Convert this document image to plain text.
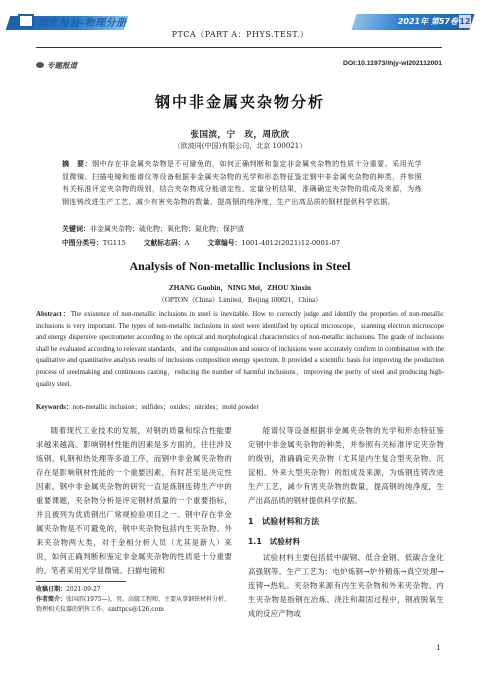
理化检验-物理分册
PTCA（PART A：PHYS.TEST.）
2021年 第57卷 12
专题报道	DOI:10.11973/lhjy-wl202112001
钢中非金属夹杂物分析
张国滨，宁　玫，周欣欣
（欧波同(中国)有限公司，北京 100021）
摘　要：钢中存在非金属夹杂物是不可避免的，如何正确判断和鉴定非金属夹杂物的性质十分重要。采用光学显微镜、扫描电镜和能谱仪等设备根据非金属夹杂物的光学和形态特征鉴定钢中非金属夹杂物的种类，并参照有关标准评定夹杂物的级别，结合夹杂物成分能谱定性、定量分析结果，准确确定夹杂物的组成及来源，为炼钢连铸改进生产工艺，减少有害夹杂物的数量，提高钢的纯净度，生产出高品质的钢材提供科学依据。
关键词：非金属夹杂物；硫化物；氧化物；氮化物；保护渣
中图分类号：TG115	文献标志码：A	文章编号：1001-4012(2021)12-0001-07
Analysis of Non-metallic Inclusions in Steel
ZHANG Guobin，NING Mei，ZHOU Xinxin
（OPTON（China）Limited，Beijing 100021，China）
Abstract：The existence of non-metallic inclusions in steel is inevitable. How to correctly judge and identify the properties of non-metallic inclusions is very important. The types of non-metallic inclusions in steel were identified by optical microscope，scanning electron microscope and energy dispersive spectrometer according to the optical and morphological characteristics of non-metallic inclusions. The grade of inclusions shall be evaluated according to relevant standards，and the composition and source of inclusions were accurately confirm in combination with the qualitative and quantitative analysis results of inclusions composition energy spectrum. It provided a scientific basis for improving the production process of steelmaking and continuous casting，reducing the number of harmful inclusions，improving the purity of steel and producing high-quality steel.
Keywords：non-metallic inclusion；sulfides；oxides；nitrides；mold powder

随着现代工业技术的发展，对钢的质量和综合性能要求越来越高。影响钢材性能的因素是多方面的，往往涉及炼钢、轧钢和热处理等多道工序，而钢中非金属夹杂物的存在是影响钢材性能的一个重要因素，有时甚至是决定性因素。钢中非金属夹杂物的研究一直是炼钢连铸生产中的重要课题，夹杂物分析是评定钢材质量的一个重要指标，并且被列为优质钢出厂常规检验项目之一。钢中存在非金属夹杂物是不可避免的，钢中夹杂物包括内生夹杂物、外来夹杂物两大类，对于金相分析人员（尤其是新人）来说，如何正确判断和鉴定非金属夹杂物的性质是十分重要的。笔者采用光学显微镜、扫描电镜和

能谱仪等设备根据非金属夹杂物的光学和形态特征鉴定钢中非金属夹杂物的种类，并参照有关标准评定夹杂物的级别，准确确定夹杂物（尤其是内生复合型夹杂物、沉淀相、外来大型夹杂物）的组成及来源，为炼钢连铸改进生产工艺，减少有害夹杂物的数量，提高钢的纯净度，生产出高品质的钢材提供科学依据。

1　试验材料和方法
1.1　试验材料

试验材料主要包括低中碳钢、低合金钢、低碳合金化高强钢等。生产工艺为：电炉炼钢→炉外精炼→真空处理→连铸→热轧。夹杂物来源有内生夹杂物和外来夹杂物。内生夹杂物是指钢在冶炼、浇注和凝固过程中，钢液脱氧生成的反应产物或

收稿日期：2021-09-27
作者简介：张国滨(1975—)，男，高级工程师，主要从事钢铁材料分析、物理相关仪器的销售工作，smttpcs@126.com
1
